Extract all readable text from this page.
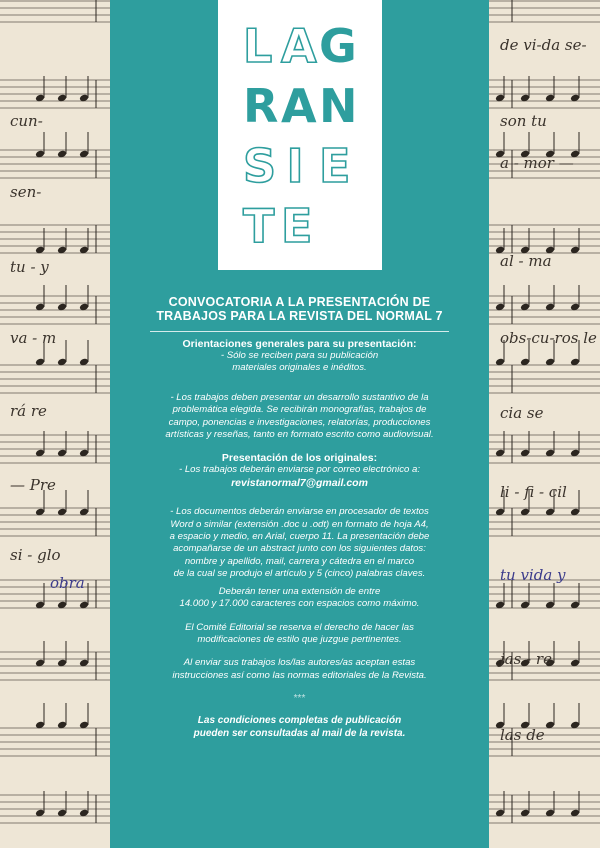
cun-
sen-
tu - y
va - m
rá re
— Pre
si - glo
obra
de vi-da se-
son tu
a - mor —
al - ma
obs-cu-ros le
cia se
li - fi - cil
tu vida y
jas - re
las de
LAG
RAN
SI E
TE

CONVOCATORIA A LA PRESENTACIÓN DE

TRABAJOS PARA LA REVISTA DEL NORMAL 7

Orientaciones generales para su presentación:

- Sólo se reciben para su publicación

materiales originales e inéditos.

- Los trabajos deben presentar un desarrollo sustantivo de la

problemática elegida. Se recibirán monografías, trabajos de

campo, ponencias e investigaciones, relatorías, producciones

artísticas y reseñas, tanto en formato escrito como audiovisual.

Presentación de los originales:

- Los trabajos deberán enviarse por correo electrónico a:

revistanormal7@gmail.com

- Los documentos deberán enviarse en procesador de textos

Word o similar (extensión .doc u .odt) en formato de hoja A4,

a espacio y medio, en Arial, cuerpo 11. La presentación debe

acompañarse de un abstract junto con los siguientes datos:

nombre y apellido, mail, carrera y cátedra en el marco

de la cual se produjo el artículo y 5 (cinco) palabras claves.

Deberán tener una extensión de entre

14.000 y 17.000 caracteres con espacios como máximo.

El Comité Editorial se reserva el derecho de hacer las

modificaciones de estilo que juzgue pertinentes.

Al enviar sus trabajos los/las autores/as aceptan estas

instrucciones así como las normas editoriales de la Revista.

***

Las condiciones completas de publicación

pueden ser consultadas al mail de la revista.
